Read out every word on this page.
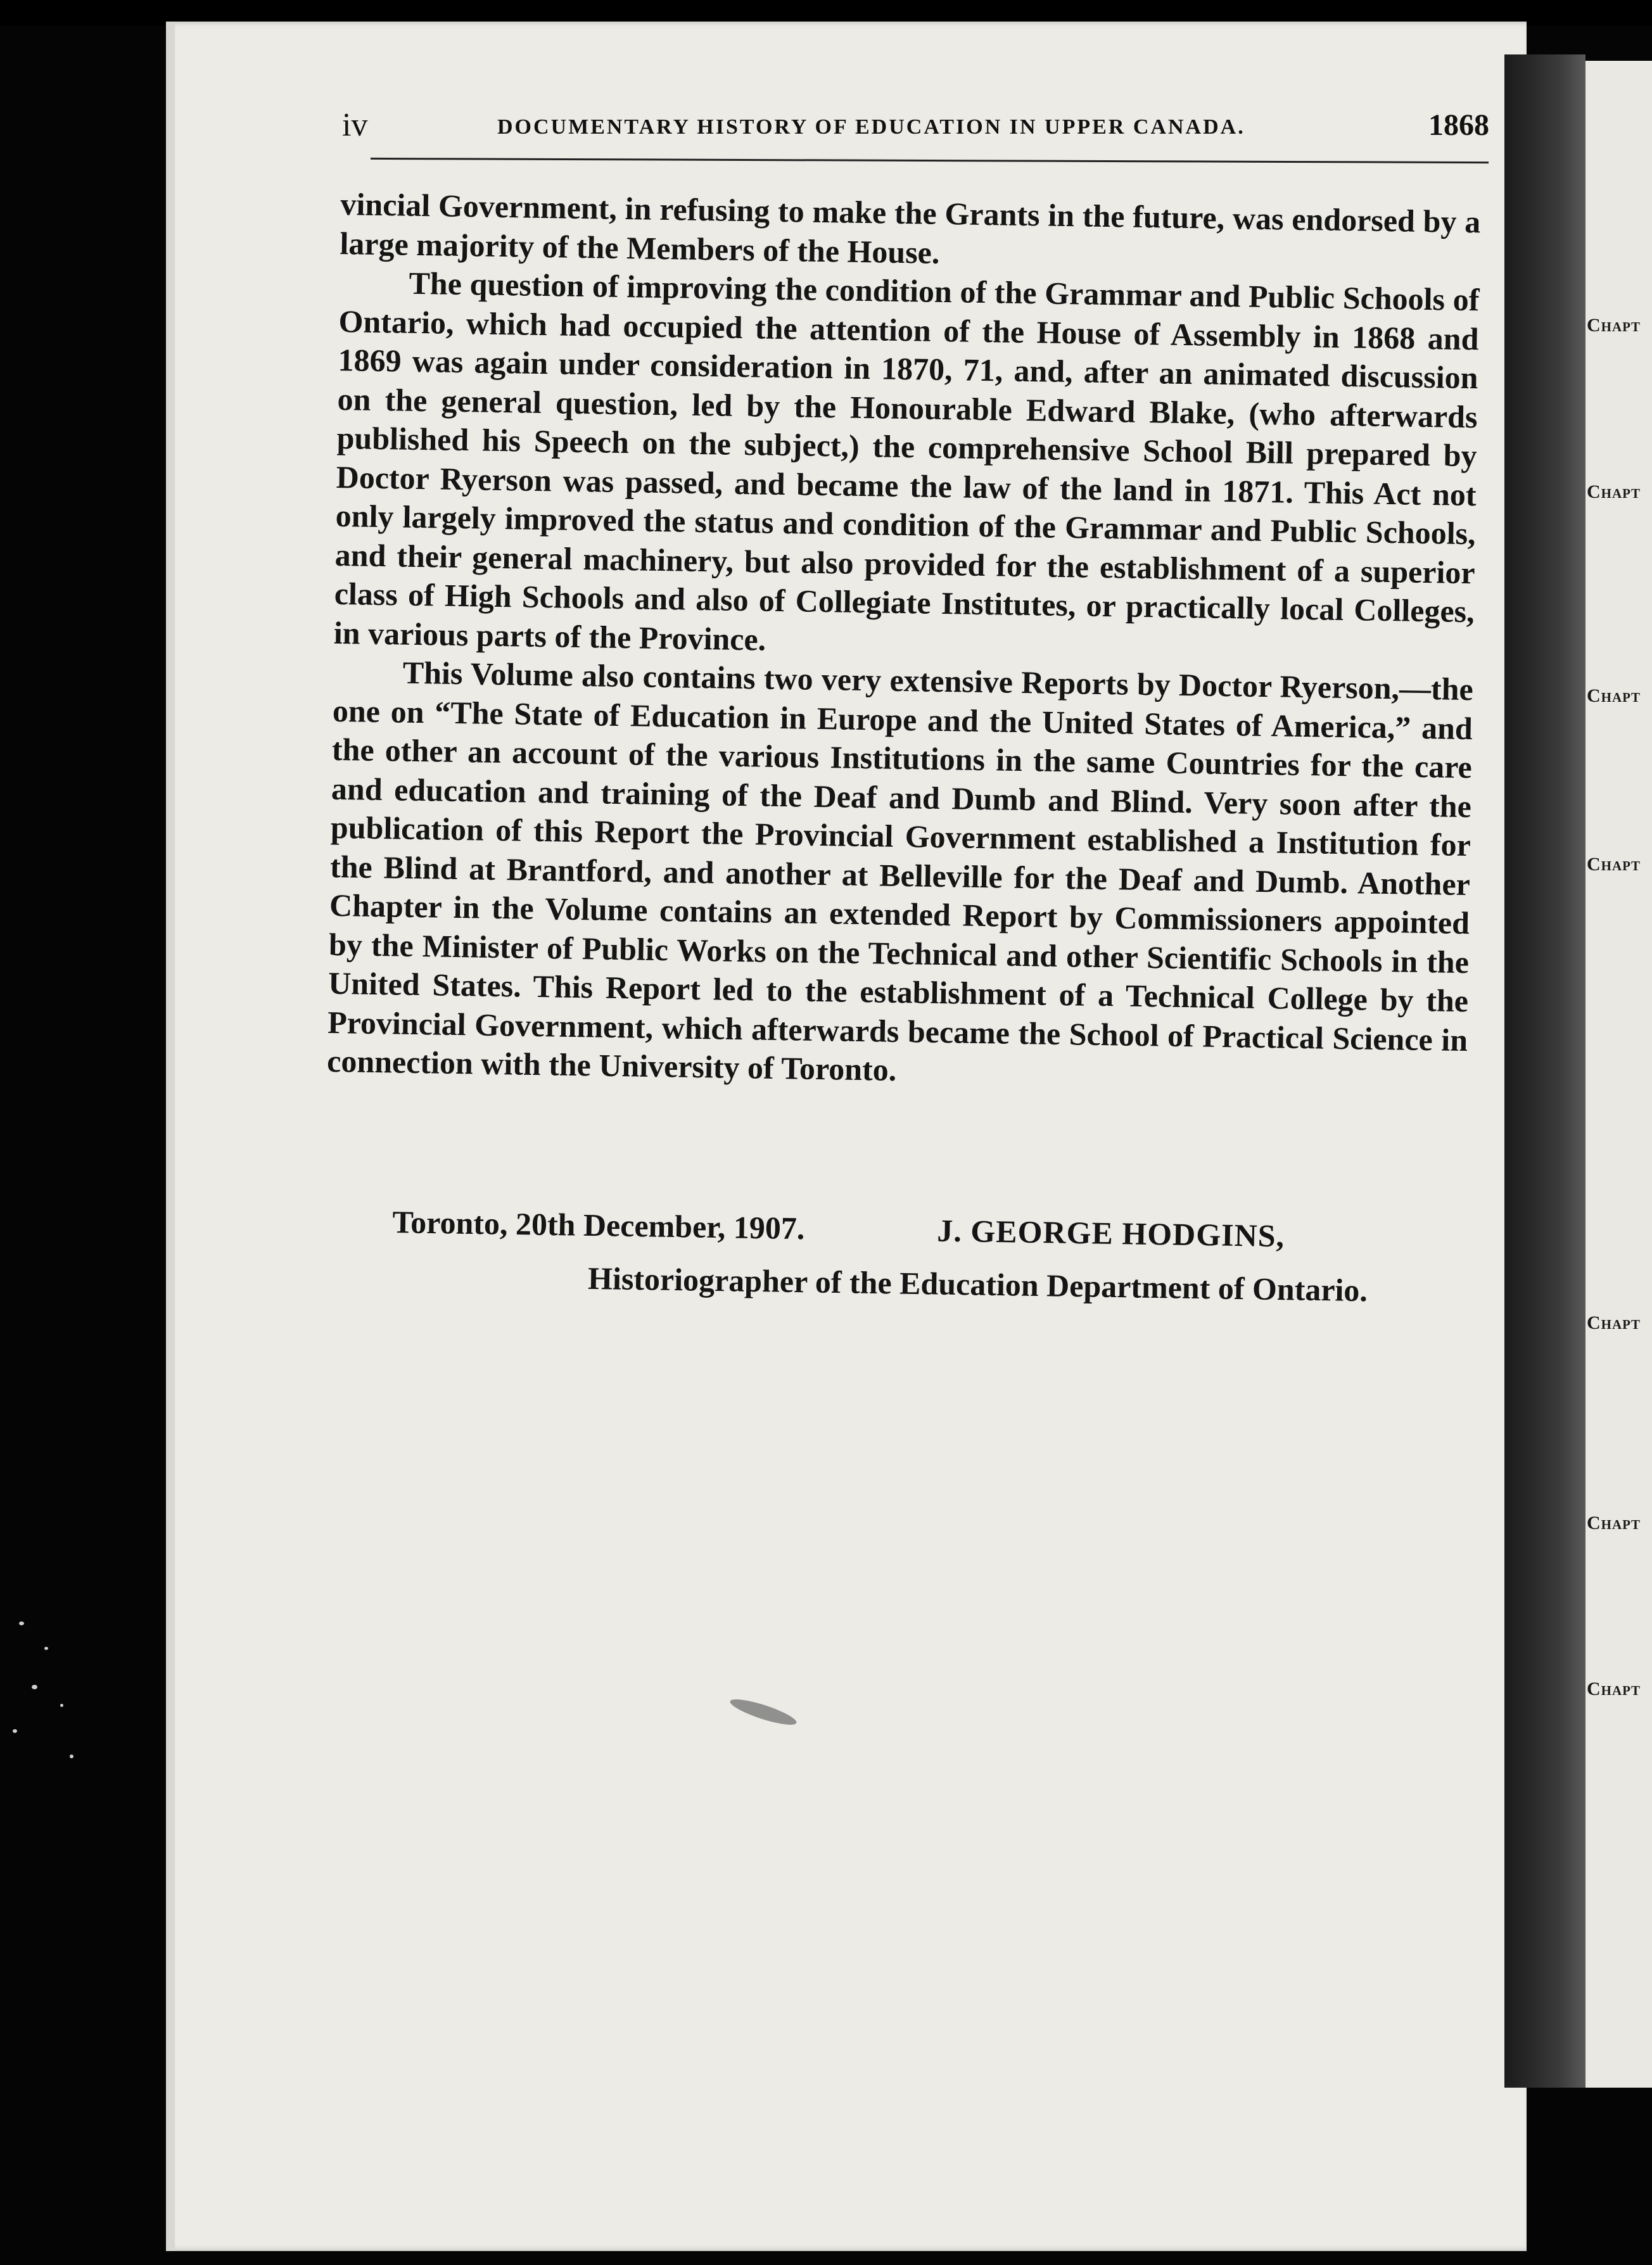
iv	DOCUMENTARY HISTORY OF EDUCATION IN UPPER CANADA.	1868

vincial Government, in refusing to make the Grants in the future, was endorsed by a large majority of the Members of the House.

The question of improving the condition of the Grammar and Public Schools of Ontario, which had occupied the attention of the House of Assembly in 1868 and 1869 was again under consideration in 1870, 71, and, after an animated discussion on the general question, led by the Honourable Edward Blake, (who afterwards published his Speech on the subject,) the comprehensive School Bill prepared by Doctor Ryerson was passed, and became the law of the land in 1871. This Act not only largely improved the status and condition of the Grammar and Public Schools, and their general machinery, but also provided for the establishment of a superior class of High Schools and also of Collegiate Institutes, or practically local Colleges, in various parts of the Province.

This Volume also contains two very extensive Reports by Doctor Ryerson,—the one on “The State of Education in Europe and the United States of America,” and the other an account of the various Institutions in the same Countries for the care and education and training of the Deaf and Dumb and Blind. Very soon after the publication of this Report the Provincial Government established a Institution for the Blind at Brantford, and another at Belleville for the Deaf and Dumb. Another Chapter in the Volume contains an extended Report by Commissioners appointed by the Minister of Public Works on the Technical and other Scientific Schools in the United States. This Report led to the establishment of a Technical College by the Provincial Government, which afterwards became the School of Practical Science in connection with the University of Toronto.

Toronto, 20th December, 1907.	J. GEORGE HODGINS,
Historiographer of the Education Department of Ontario.
Chapt
Chapt
Chapt
Chapt
Chapt
Chapt
Chapt
